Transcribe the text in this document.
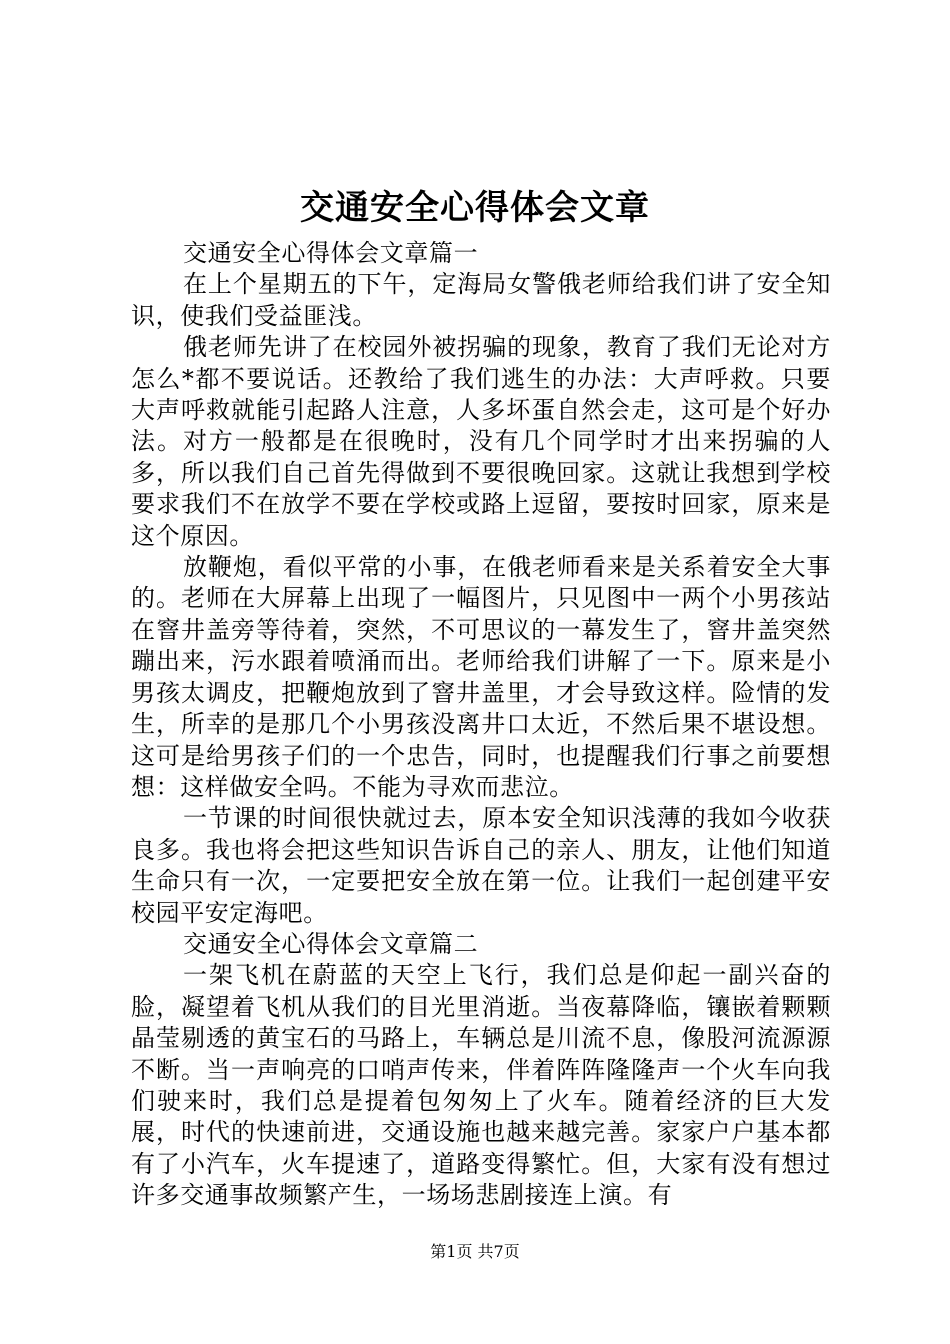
交通安全心得体会文章

交通安全心得体会文章篇一

在上个星期五的下午，定海局女警俄老师给我们讲了安全知识，使我们受益匪浅。

俄老师先讲了在校园外被拐骗的现象，教育了我们无论对方怎么*都不要说话。还教给了我们逃生的办法：大声呼救。只要大声呼救就能引起路人注意，人多坏蛋自然会走，这可是个好办法。对方一般都是在很晚时，没有几个同学时才出来拐骗的人多，所以我们自己首先得做到不要很晚回家。这就让我想到学校要求我们不在放学不要在学校或路上逗留，要按时回家，原来是这个原因。

放鞭炮，看似平常的小事，在俄老师看来是关系着安全大事的。老师在大屏幕上出现了一幅图片，只见图中一两个小男孩站在窨井盖旁等待着，突然，不可思议的一幕发生了，窨井盖突然蹦出来，污水跟着喷涌而出。老师给我们讲解了一下。原来是小男孩太调皮，把鞭炮放到了窨井盖里，才会导致这样。险情的发生，所幸的是那几个小男孩没离井口太近，不然后果不堪设想。这可是给男孩子们的一个忠告，同时，也提醒我们行事之前要想想：这样做安全吗。不能为寻欢而悲泣。

一节课的时间很快就过去，原本安全知识浅薄的我如今收获良多。我也将会把这些知识告诉自己的亲人、朋友，让他们知道生命只有一次，一定要把安全放在第一位。让我们一起创建平安校园平安定海吧。

交通安全心得体会文章篇二

一架飞机在蔚蓝的天空上飞行，我们总是仰起一副兴奋的脸，凝望着飞机从我们的目光里消逝。当夜幕降临，镶嵌着颗颗晶莹剔透的黄宝石的马路上，车辆总是川流不息，像股河流源源不断。当一声响亮的口哨声传来，伴着阵阵隆隆声一个火车向我们驶来时，我们总是提着包匆匆上了火车。随着经济的巨大发展，时代的快速前进，交通设施也越来越完善。家家户户基本都有了小汽车，火车提速了，道路变得繁忙。但，大家有没有想过许多交通事故频繁产生，一场场悲剧接连上演。有

第1页 共7页
